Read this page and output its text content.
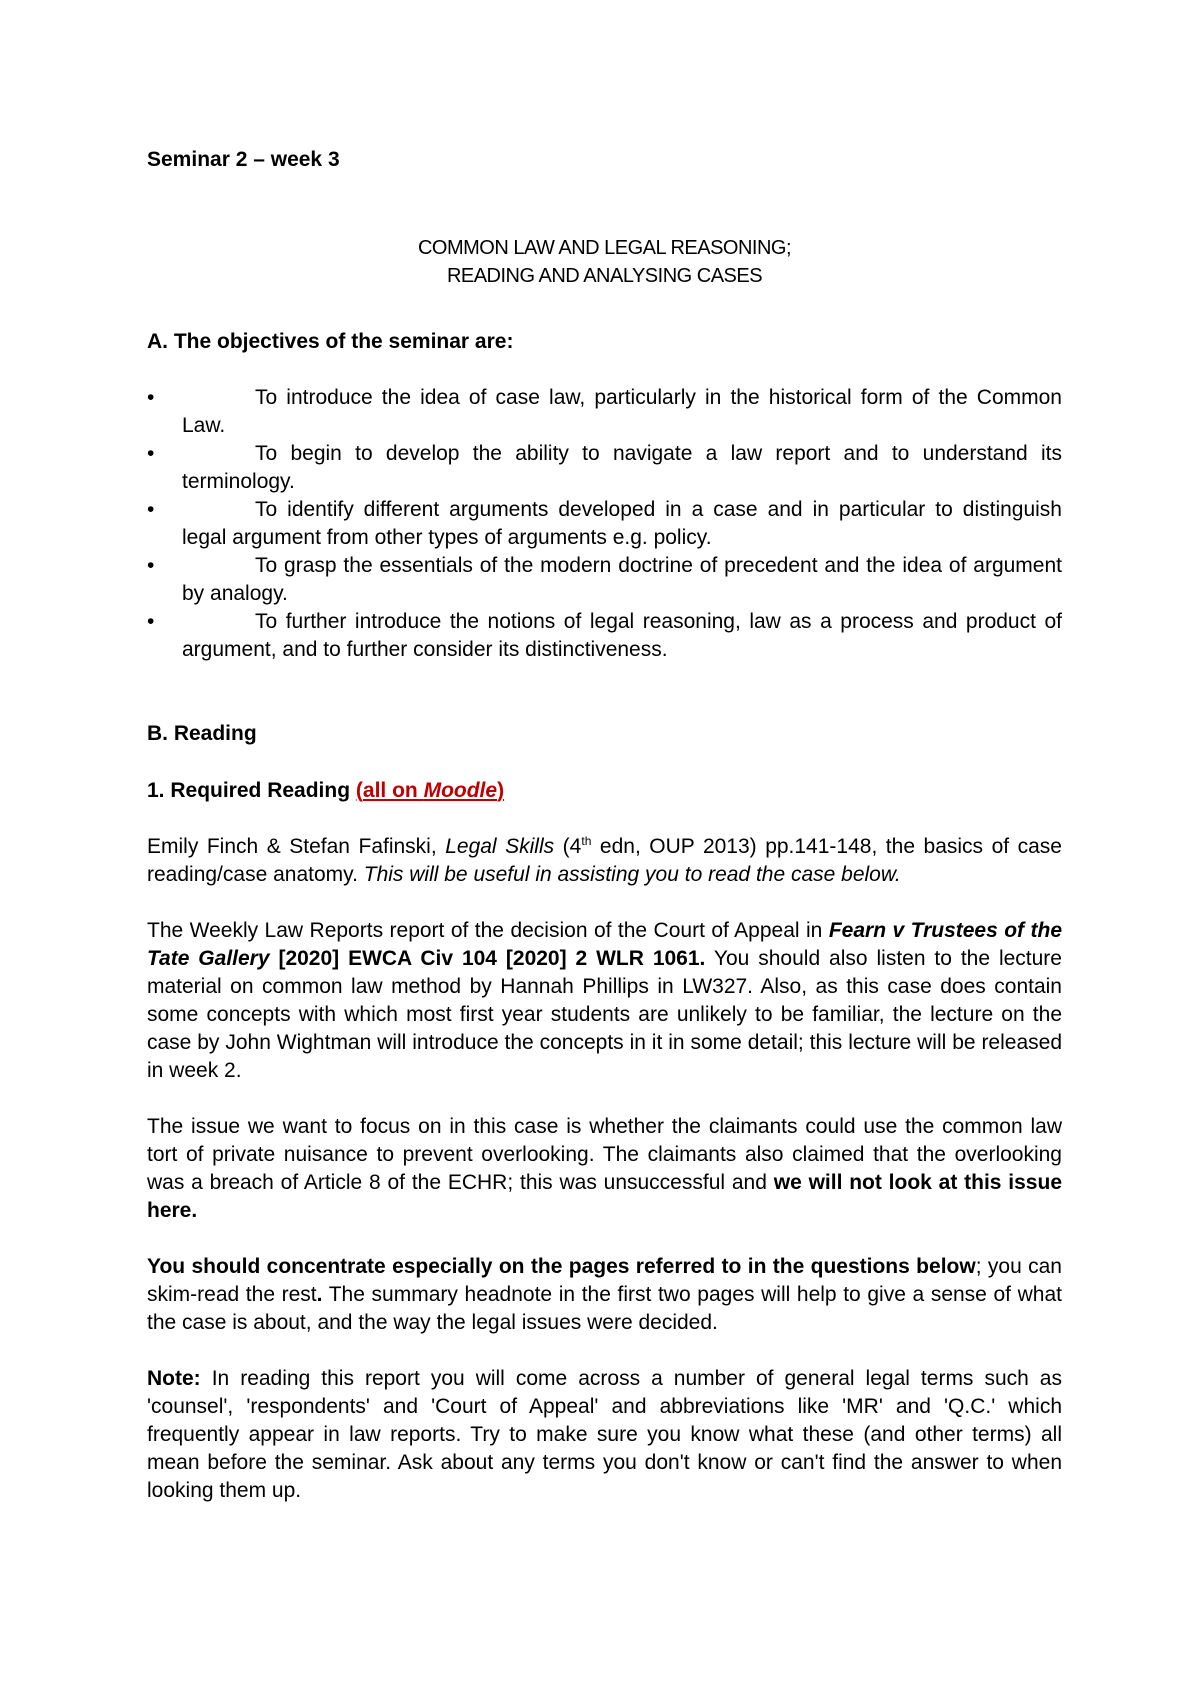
Seminar 2 – week 3
COMMON LAW AND LEGAL REASONING;
READING AND ANALYSING CASES
A. The objectives of the seminar are:
•	To introduce the idea of case law, particularly in the historical form of the Common Law.
•	To begin to develop the ability to navigate a law report and to understand its terminology.
•	To identify different arguments developed in a case and in particular to distinguish legal argument from other types of arguments e.g. policy.
•	To grasp the essentials of the modern doctrine of precedent and the idea of argument by analogy.
•	To further introduce the notions of legal reasoning, law as a process and product of argument, and to further consider its distinctiveness.
B. Reading
1. Required Reading (all on Moodle)

Emily Finch & Stefan Fafinski, Legal Skills (4th edn, OUP 2013) pp.141-148, the basics of case reading/case anatomy. This will be useful in assisting you to read the case below.

The Weekly Law Reports report of the decision of the Court of Appeal in Fearn v Trustees of the Tate Gallery [2020] EWCA Civ 104 [2020] 2 WLR 1061. You should also listen to the lecture material on common law method by Hannah Phillips in LW327. Also, as this case does contain some concepts with which most first year students are unlikely to be familiar, the lecture on the case by John Wightman will introduce the concepts in it in some detail; this lecture will be released in week 2.

The issue we want to focus on in this case is whether the claimants could use the common law tort of private nuisance to prevent overlooking. The claimants also claimed that the overlooking was a breach of Article 8 of the ECHR; this was unsuccessful and we will not look at this issue here.

You should concentrate especially on the pages referred to in the questions below; you can skim-read the rest. The summary headnote in the first two pages will help to give a sense of what the case is about, and the way the legal issues were decided.

Note: In reading this report you will come across a number of general legal terms such as 'counsel', 'respondents' and 'Court of Appeal' and abbreviations like 'MR' and 'Q.C.' which frequently appear in law reports. Try to make sure you know what these (and other terms) all mean before the seminar. Ask about any terms you don't know or can't find the answer to when looking them up.
